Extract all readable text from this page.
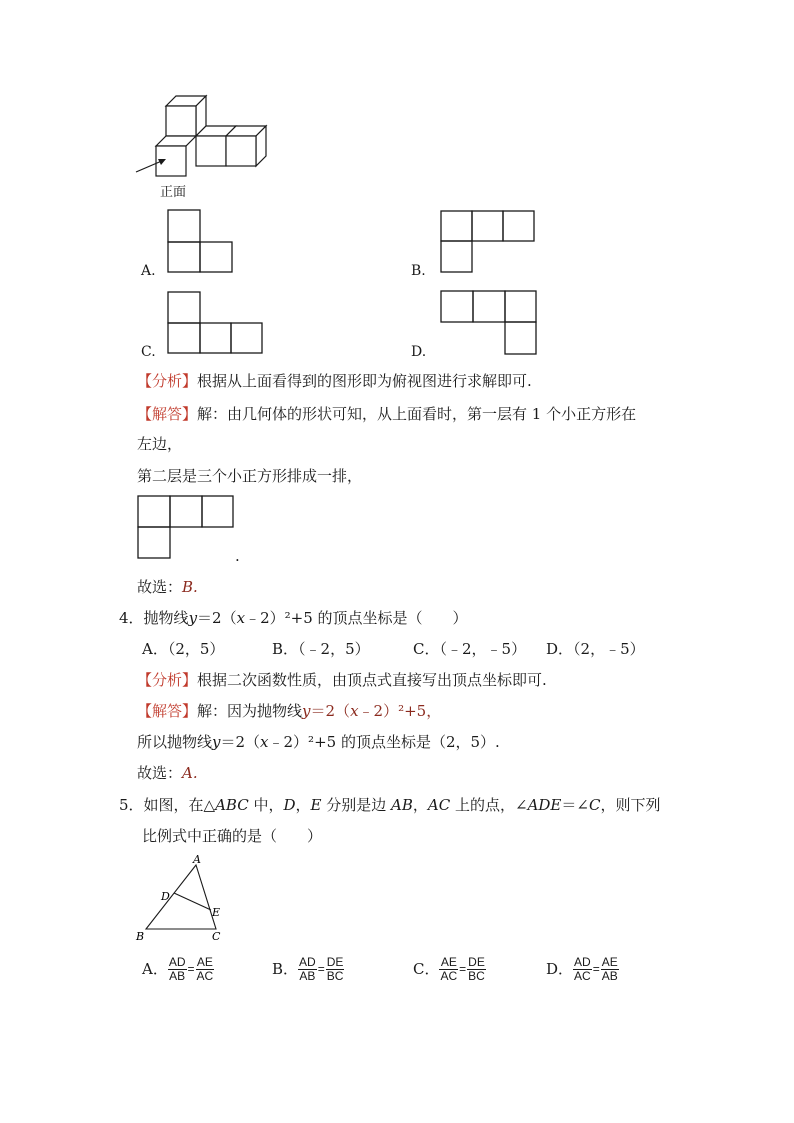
正面
A.	B.
C.	D.
【分析】根据从上面看得到的图形即为俯视图进行求解即可.
【解答】解：由几何体的形状可知，从上面看时，第一层有 1 个小正方形在
左边，
第二层是三个小正方形排成一排，
.
故选：B.
4．抛物线y＝2（x﹣2）²+5 的顶点坐标是（　　）
A．（2，5）	B．（﹣2，5）	C．（﹣2，﹣5） D．（2，﹣5）
【分析】根据二次函数性质，由顶点式直接写出顶点坐标即可.
【解答】解：因为抛物线y＝2（x﹣2）²+5，
所以抛物线y＝2（x﹣2）²+5 的顶点坐标是（2，5）.
故选：A.
5．如图，在△ABC 中，D，E 分别是边 AB，AC 上的点，∠ADE＝∠C，则下列
比例式中正确的是（　　）
A
B	C
D
E
A． $\frac{AD}{AB} = \frac{AE}{AC}$	B． $\frac{AD}{AB} = \frac{DE}{BC}$	C． $\frac{AE}{AC} = \frac{DE}{BC}$	D． $\frac{AD}{AC} = \frac{AE}{AB}$
